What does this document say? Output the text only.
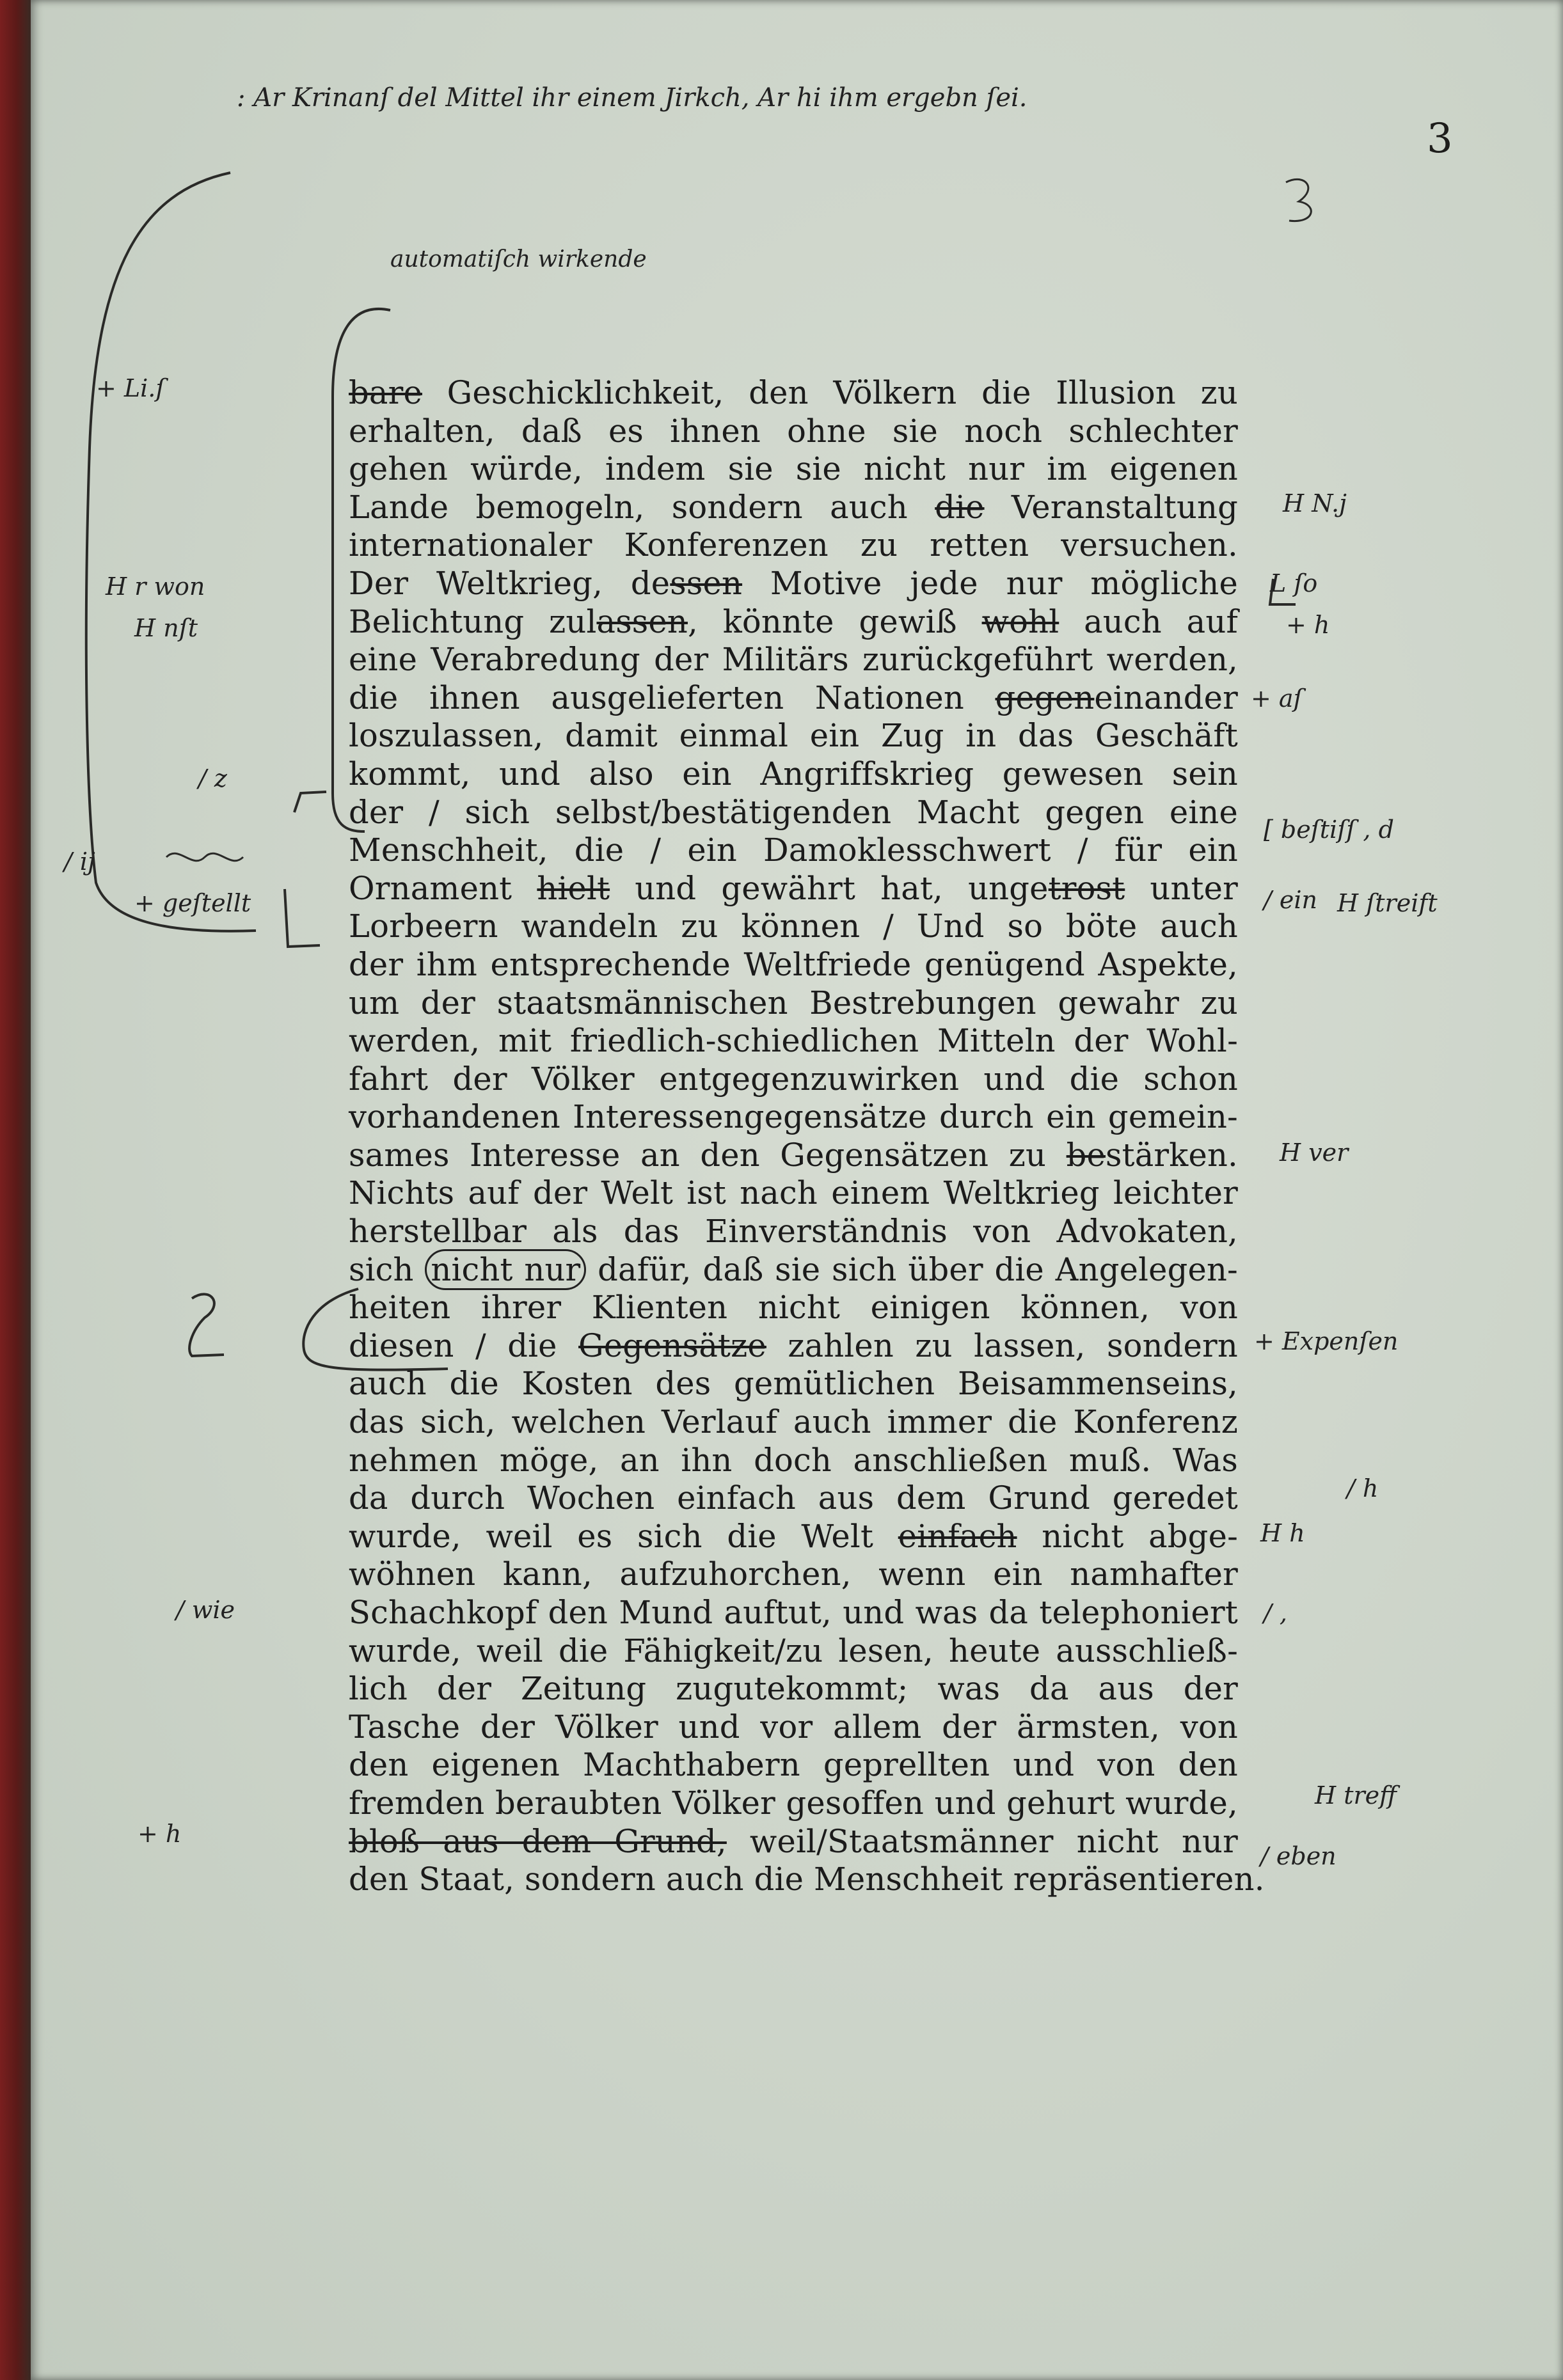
3
: Ar Krinanſ del Mittel ihr einem Jirkch, Ar hi ihm ergebn ſei.
automatiſch wirkende
+ Li.ſ
H r won
H nſt
/ z
/ ij
+ geſtellt
/ wie
+ h
H N.j
L ſo
+ h
+ aſ
[ beſtiſſ , d
/ ein H ſtreift
H ver
+ Expenſen
/ h
H h
/ ,
H treff
/ eben
bare Geschicklichkeit, den Völkern die Illusion zu
erhalten, daß es ihnen ohne sie noch schlechter
gehen würde, indem sie sie nicht nur im eigenen
Lande bemogeln, sondern auch die Veranstaltung
internationaler Konferenzen zu retten versuchen.
Der Weltkrieg, dessen Motive jede nur mögliche
Belichtung zulassen, könnte gewiß wohl auch auf
eine Verabredung der Militärs zurückgeführt werden,
die ihnen ausgelieferten Nationen gegeneinander
loszulassen, damit einmal ein Zug in das Geschäft
kommt, und also ein Angriffskrieg gewesen sein
der / sich selbst/bestätigenden Macht gegen eine
Menschheit, die / ein Damoklesschwert / für ein
Ornament hielt und gewährt hat, ungetrost unter
Lorbeern wandeln zu können / Und so böte auch
der ihm entsprechende Weltfriede genügend Aspekte,
um der staatsmännischen Bestrebungen gewahr zu
werden, mit friedlich-schiedlichen Mitteln der Wohl-
fahrt der Völker entgegenzuwirken und die schon
vorhandenen Interessengegensätze durch ein gemein-
sames Interesse an den Gegensätzen zu bestärken.
Nichts auf der Welt ist nach einem Weltkrieg leichter
herstellbar als das Einverständnis von Advokaten,
sich nicht nur dafür, daß sie sich über die Angelegen-
heiten ihrer Klienten nicht einigen können, von
diesen / die Gegensätze zahlen zu lassen, sondern
auch die Kosten des gemütlichen Beisammenseins,
das sich, welchen Verlauf auch immer die Konferenz
nehmen möge, an ihn doch anschließen muß. Was
da durch Wochen einfach aus dem Grund geredet
wurde, weil es sich die Welt einfach nicht abge-
wöhnen kann, aufzuhorchen, wenn ein namhafter
Schachkopf den Mund auftut, und was da telephoniert
wurde, weil die Fähigkeit/zu lesen, heute ausschließ-
lich der Zeitung zugutekommt; was da aus der
Tasche der Völker und vor allem der ärmsten, von
den eigenen Machthabern geprellten und von den
fremden beraubten Völker gesoffen und gehurt wurde,
bloß aus dem Grund, weil/Staatsmänner nicht nur
den Staat, sondern auch die Menschheit repräsentieren.
